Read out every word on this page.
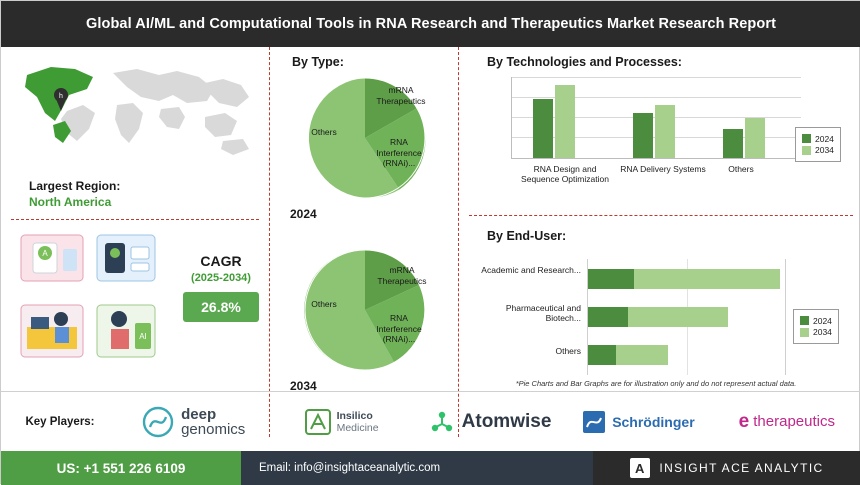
Global AI/ML and Computational Tools in RNA Research and Therapeutics Market Research Report
h
Largest Region:
North America
A
AI
CAGR
(2025-2034)
26.8%
By Type:
mRNA Therapeutics
RNA Interference (RNAi)...
Others
2024
mRNA Therapeutics
RNA Interference (RNAi)...
Others
2034
By Technologies and Processes:
RNA Design and Sequence Optimization
RNA Delivery Systems	Others
2024
2034
By End-User:
Academic and Research...
Pharmaceutical and Biotech...
Others
2024
2034
*Pie Charts and Bar Graphs are for illustration only and do not represent actual data.
Key Players:	deep
genomics
Insilico
Medicine	Atomwise	Schrödinger e therapeutics
US: +1 551 226 6109	Email: info@insightaceanalytic.com	A	INSIGHT ACE ANALYTIC
